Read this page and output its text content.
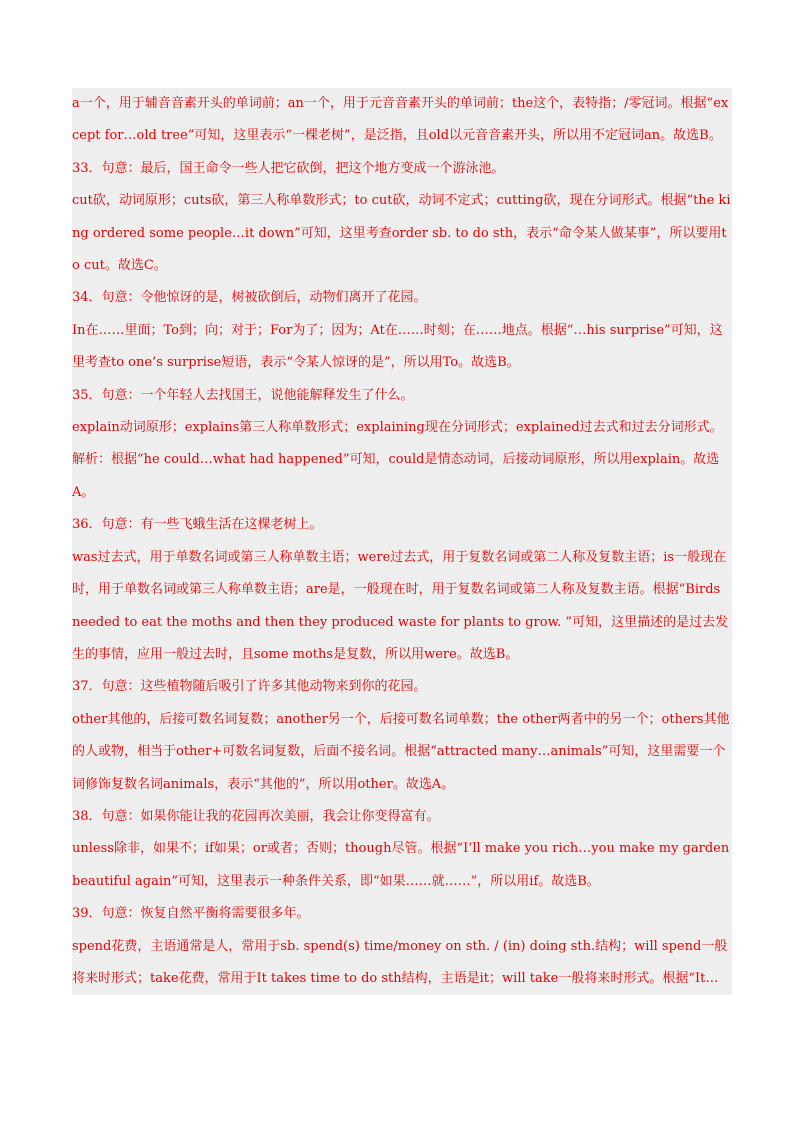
a一个，用于辅音音素开头的单词前；an一个，用于元音音素开头的单词前；the这个，表特指；/零冠词。根据“except for…old tree”可知，这里表示“一棵老树”，是泛指，且old以元音音素开头，所以用不定冠词an。故选B。

33．句意：最后，国王命令一些人把它砍倒，把这个地方变成一个游泳池。

cut砍，动词原形；cuts砍，第三人称单数形式；to cut砍，动词不定式；cutting砍，现在分词形式。根据“the king ordered some people…it down”可知，这里考查order sb. to do sth，表示“命令某人做某事”，所以要用to cut。故选C。

34．句意：令他惊讶的是，树被砍倒后，动物们离开了花园。

In在……里面；To到；向；对于；For为了；因为；At在……时刻；在……地点。根据“…his surprise”可知，这里考查to one’s surprise短语，表示“令某人惊讶的是”，所以用To。故选B。

35．句意：一个年轻人去找国王，说他能解释发生了什么。

explain动词原形；explains第三人称单数形式；explaining现在分词形式；explained过去式和过去分词形式。 解析：根据“he could…what had happened”可知，could是情态动词，后接动词原形，所以用explain。故选A。

36．句意：有一些飞蛾生活在这棵老树上。

was过去式，用于单数名词或第三人称单数主语；were过去式，用于复数名词或第二人称及复数主语；is一般现在时，用于单数名词或第三人称单数主语；are是，一般现在时，用于复数名词或第二人称及复数主语。根据“Birds needed to eat the moths and then they produced waste for plants to grow. ”可知，这里描述的是过去发生的事情，应用一般过去时，且some moths是复数，所以用were。故选B。

37．句意：这些植物随后吸引了许多其他动物来到你的花园。

other其他的，后接可数名词复数；another另一个，后接可数名词单数；the other两者中的另一个；others其他的人或物，相当于other+可数名词复数，后面不接名词。根据“attracted many…animals”可知，这里需要一个词修饰复数名词animals，表示“其他的”，所以用other。故选A。

38．句意：如果你能让我的花园再次美丽，我会让你变得富有。

unless除非，如果不；if如果；or或者；否则；though尽管。根据“I’ll make you rich…you make my garden beautiful again”可知，这里表示一种条件关系，即“如果……就……”，所以用if。故选B。

39．句意：恢复自然平衡将需要很多年。

spend花费，主语通常是人，常用于sb. spend(s) time/money on sth. / (in) doing sth.结构；will spend一般将来时形式；take花费，常用于It takes time to do sth结构，主语是it；will take一般将来时形式。根据“It…
